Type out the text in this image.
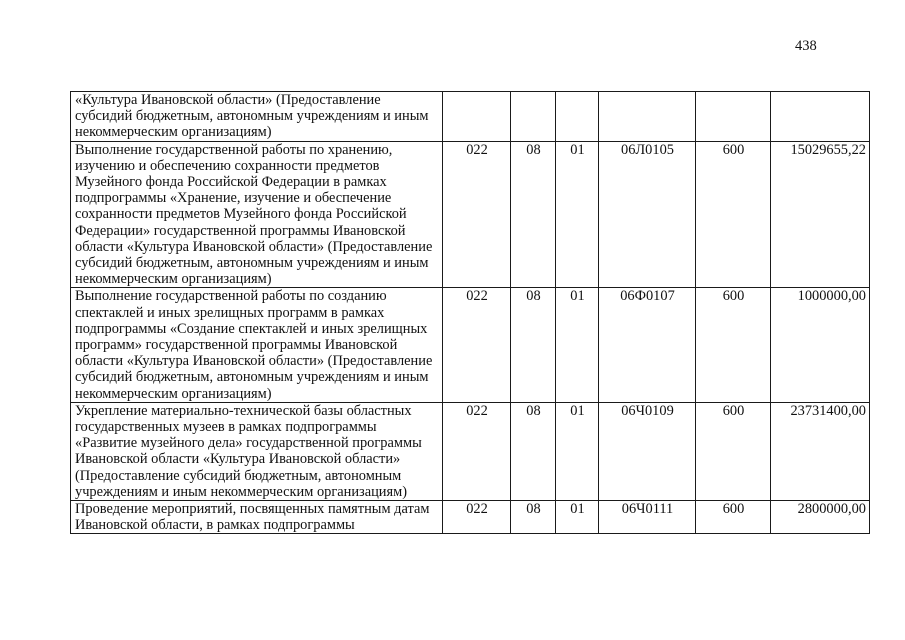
438
«Культура Ивановской области» (Предоставление субсидий бюджетным, автономным учреждениям и иным некоммерческим организациям)						
Выполнение государственной работы по хранению, изучению и обеспечению сохранности предметов Музейного фонда Российской Федерации в рамках подпрограммы «Хранение, изучение и обеспечение сохранности предметов Музейного фонда Российской Федерации» государственной программы Ивановской области «Культура Ивановской области» (Предоставление субсидий бюджетным, автономным учреждениям и иным некоммерческим организациям)	022	08	01	06Л0105	600	15029655,22
Выполнение государственной работы по созданию спектаклей и иных зрелищных программ в рамках подпрограммы «Создание спектаклей и иных зрелищных программ» государственной программы Ивановской области «Культура Ивановской области» (Предоставление субсидий бюджетным, автономным учреждениям и иным некоммерческим организациям)	022	08	01	06Ф0107	600	1000000,00
Укрепление материально-технической базы областных государственных музеев в рамках подпрограммы «Развитие музейного дела» государственной программы Ивановской области «Культура Ивановской области» (Предоставление субсидий бюджетным, автономным учреждениям и иным некоммерческим организациям)	022	08	01	06Ч0109	600	23731400,00
Проведение мероприятий, посвященных памятным датам Ивановской области, в рамках подпрограммы	022	08	01	06Ч0111	600	2800000,00
